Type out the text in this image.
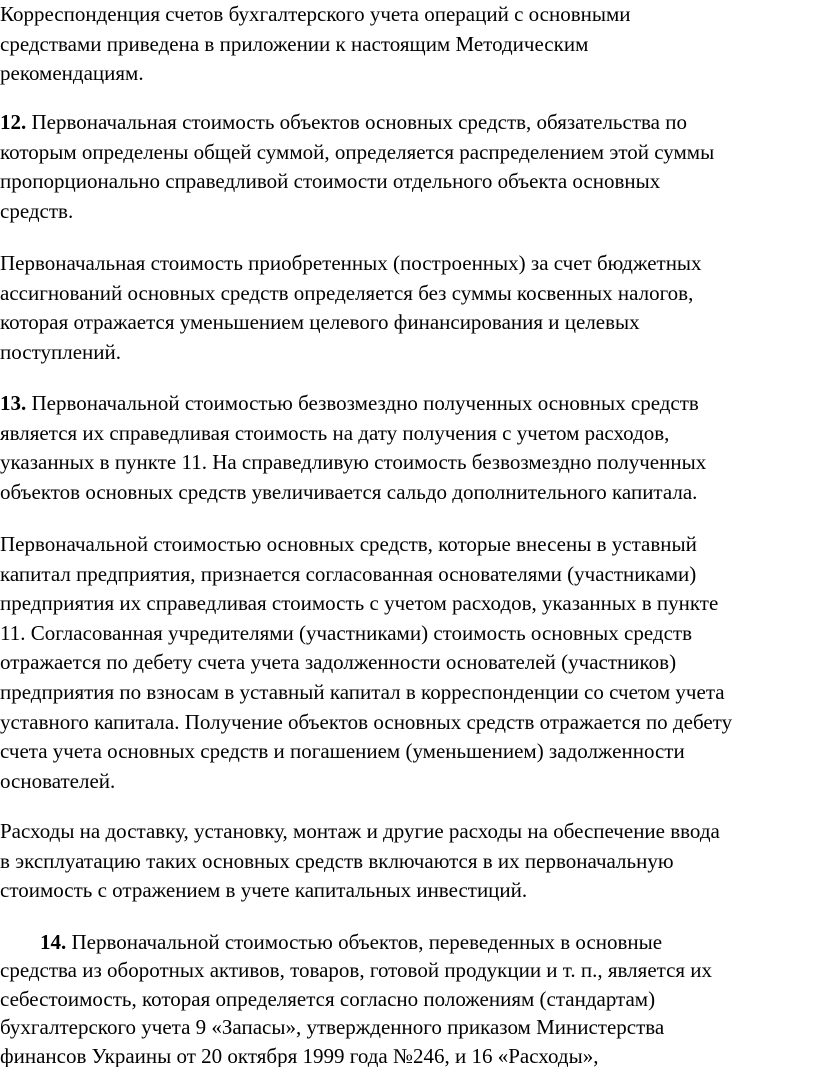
Корреспонденция счетов бухгалтерского учета операций с основными
средствами приведена в приложении к настоящим Методическим
рекомендациям.

12. Первоначальная стоимость объектов основных средств, обязательства по
которым определены общей суммой, определяется распределением этой суммы
пропорционально справедливой стоимости отдельного объекта основных
средств.

Первоначальная стоимость приобретенных (построенных) за счет бюджетных
ассигнований основных средств определяется без суммы косвенных налогов,
которая отражается уменьшением целевого финансирования и целевых
поступлений.

13. Первоначальной стоимостью безвозмездно полученных основных средств
является их справедливая стоимость на дату получения с учетом расходов,
указанных в пункте 11. На справедливую стоимость безвозмездно полученных
объектов основных средств увеличивается сальдо дополнительного капитала.

Первоначальной стоимостью основных средств, которые внесены в уставный
капитал предприятия, признается согласованная основателями (участниками)
предприятия их справедливая стоимость с учетом расходов, указанных в пункте
11. Согласованная учредителями (участниками) стоимость основных средств
отражается по дебету счета учета задолженности основателей (участников)
предприятия по взносам в уставный капитал в корреспонденции со счетом учета
уставного капитала. Получение объектов основных средств отражается по дебету
счета учета основных средств и погашением (уменьшением) задолженности
основателей.

Расходы на доставку, установку, монтаж и другие расходы на обеспечение ввода
в эксплуатацию таких основных средств включаются в их первоначальную
стоимость с отражением в учете капитальных инвестиций.

14. Первоначальной стоимостью объектов, переведенных в основные
средства из оборотных активов, товаров, готовой продукции и т. п., является их
себестоимость, которая определяется согласно положениям (стандартам)
бухгалтерского учета 9 «Запасы», утвержденного приказом Министерства
финансов Украины от 20 октября 1999 года №246, и 16 «Расходы»,
